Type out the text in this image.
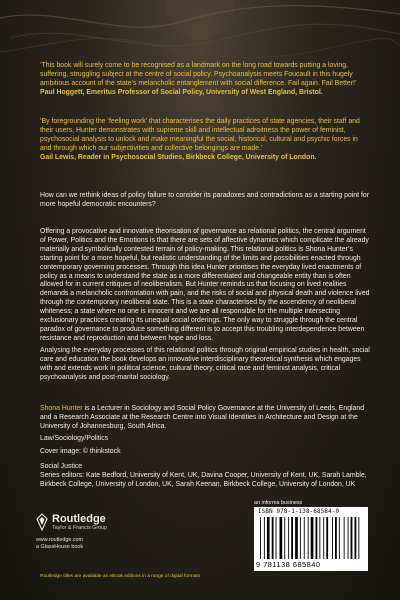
‘This book will surely come to be recognised as a landmark on the long road towards putting a loving, suffering, struggling subject at the centre of social policy. Psychoanalysis meets Foucault in this hugely ambitious account of the state’s melancholic entanglement with social difference. Fail again. Fail Better!’

Paul Hoggett, Emeritus Professor of Social Policy, University of West England, Bristol.

‘By foregrounding the ‘feeling work’ that characterises the daily practices of state agencies, their staff and their users, Hunter demonstrates with supreme skill and intellectual adroitness the power of feminist, psychosocial analysis to unlock and make meaningful the social, historical, cultural and psychic forces in and through which our subjectivities and collective belongings are made.’

Gail Lewis, Reader in Psychosocial Studies, Birkbeck College, University of London.

How can we rethink ideas of policy failure to consider its paradoxes and contradictions as a starting point for more hopeful democratic encounters?
Offering a provocative and innovative theorisation of governance as relational politics, the central argument of Power, Politics and the Emotions is that there are sets of affective dynamics which complicate the already materially and symbolically contested terrain of policy-making. This relational politics is Shona Hunter’s starting point for a more hopeful, but realistic understanding of the limits and possibilities enacted through contemporary governing processes. Through this idea Hunter prioritises the everyday lived enactments of policy as a means to understand the state as a more differentiated and changeable entity than is often allowed for in current critiques of neoliberalism. But Hunter reminds us that focusing on lived realities demands a melancholic confrontation with pain, and the risks of social and physical death and violence lived through the contemporary neoliberal state. This is a state characterised by the ascendency of neoliberal whiteness; a state where no one is innocent and we are all responsible for the multiple intersecting exclusionary practices creating its unequal social orderings. The only way to struggle through the central paradox of governance to produce something different is to accept this troubling interdependence between resistance and reproduction and between hope and loss.
Analysing the everyday processes of this relational politics through original empirical studies in health, social care and education the book develops an innovative interdisciplinary theoretical synthesis which engages with and extends work in political science, cultural theory, critical race and feminist analysis, critical psychoanalysis and post-marital sociology.
Shona Hunter is a Lecturer in Sociology and Social Policy Governance at the University of Leeds, England and a Research Associate at the Research Centre into Visual Identities in Architecture and Design at the University of Johannesburg, South Africa.
Law/Sociology/Politics
Cover image: © thinkstock
Social Justice
Series editors: Kate Bedford, University of Kent, UK, Davina Cooper, University of Kent, UK, Sarah Lamble, Birkbeck College, University of London, UK, Sarah Keenan, Birkbeck College, University of London, UK
Routledge
Taylor & Francis Group
www.routledge.com
a GlassHouse book
Routledge titles are available as eBook editions in a range of digital formats
an informa business
ISBN 978-1-138-68584-0
9 781138 685840
